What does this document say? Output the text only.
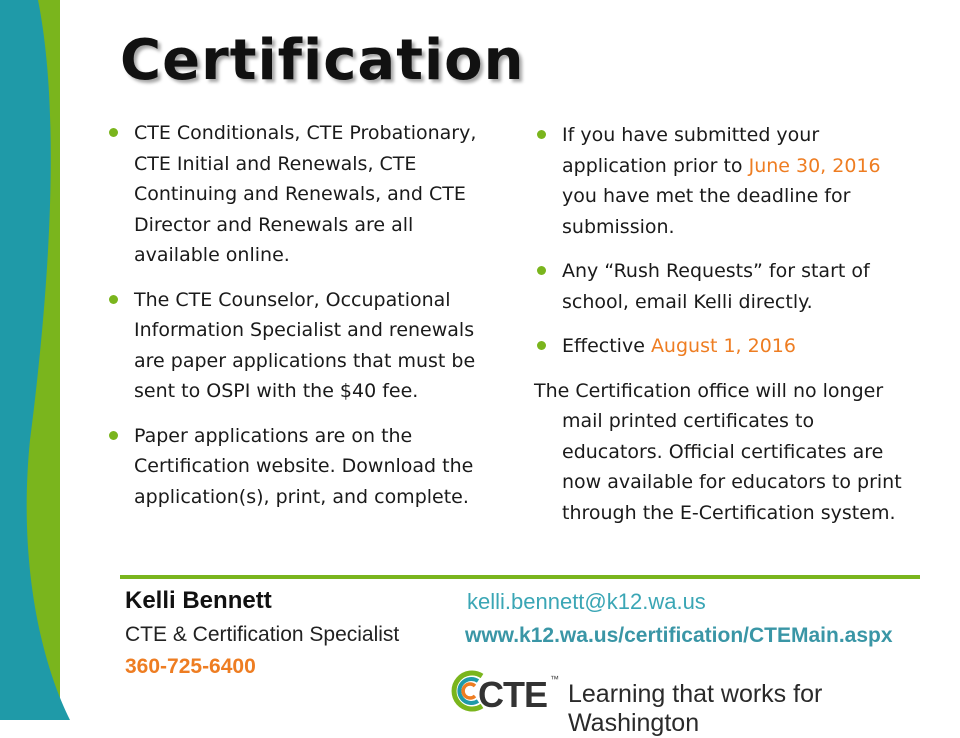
Certification
CTE Conditionals, CTE Probationary, CTE Initial and Renewals, CTE Continuing and Renewals, and CTE Director and Renewals are all available online.
The CTE Counselor, Occupational Information Specialist and renewals are paper applications that must be sent to OSPI with the $40 fee.
Paper applications are on the Certification website. Download the application(s), print, and complete.
If you have submitted your application prior to June 30, 2016 you have met the deadline for submission.
Any “Rush Requests” for start of school, email Kelli directly.
Effective August 1, 2016

The Certification office will no longer mail printed certificates to educators. Official certificates are now available for educators to print through the E-Certification system.

Kelli Bennett	kelli.bennett@k12.wa.us
CTE & Certification Specialist	www.k12.wa.us/certification/CTEMain.aspx
360-725-6400
CTE ™
Learning that works for Washington
